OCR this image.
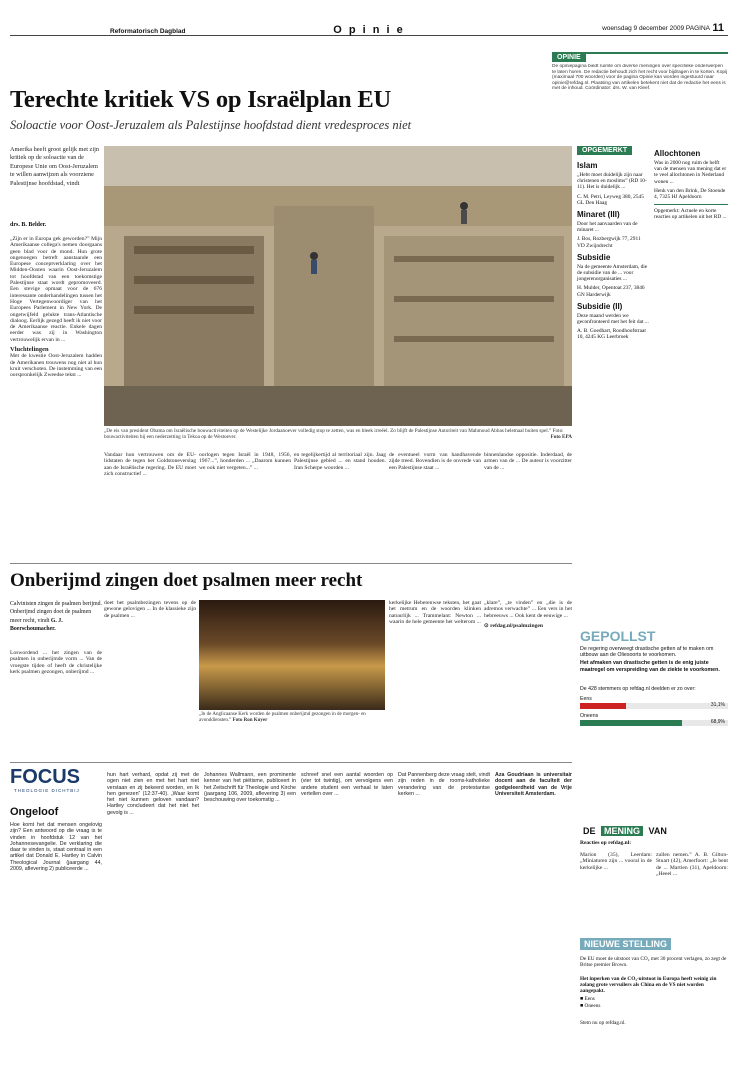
Reformatorisch Dagblad	O p i n i e	woensdag 9 december 2009 PAGINA 11
Terechte kritiek VS op Israëlplan EU
Soloactie voor Oost-Jeruzalem als Palestijnse hoofdstad dient vredesproces niet
OPINIE
De opiniepagina biedt ruimte om diverse meningen over specifieke onderwerpen te laten horen. De redactie behoudt zich het recht voor bijdragen in te korten. Kopij (maximaal 700 woorden) voor de pagina Opinie kan worden ingestuurd naar opinie@refdag.nl. Plaatsing van artikelen betekent niet dat de redactie het eens is met de inhoud. Coördinator: drs. W. van Kleef.
Amerika heeft groot gelijk met zijn kritiek op de soloactie van de Europese Unie om Oost-Jeruzalem te willen aanwijzen als voorziene Palestijnse hoofdstad, vindt
drs. B. Belder.
„Zijn er in Europa gek geworden?” Mijn Amerikaanse collega's nemen doorgaans geen blad voor de mond. Hun grote ongenoegen betreft aanstaande een Europese conceptverklaring over het Midden-Oosten waarin Oost-Jeruzalem tot hoofdstad van een toekomstige Palestijnse staat wordt gepromoveerd. Een stevige opmaat voor de 676 interessante onderhandelingen tussen het Hoge Vertegenwoordiger van het Europees Parlement in New York. De ongetwijfeld gelukte trans-Atlantische dialoog. Eerlijk gezegd heeft ik niet voor de Amerikaanse reactie. Enkele dagen eerder was zij in Washington vertrouwelijk ervan in ...
Vluchtelingen
Met de kwestie Oost-Jeruzalem hadden de Amerikanen trouwens nog niet al hun kruit verschoten. De instemming van een oorspronkelijk Zweedse tekst ...
Vandaar hun vertrouwen om de EU-lidstaten de tegen het Goldstoneverslag aan de Israëlische regering. De EU moet zich constructief ...
oorlogen tegen Israël in 1948, 1956, 1967...”, honderden ... „Daarom kunnen we ook niet vergeten...” ...
en tegelijkertijd al territoriaal zijn. Jaag Palestijnse gebied ... en stand houden. Iran Scherpe woorden ...
de eventueel vorm van handhavende zijde treed. Bovendien is de onvrede van een Palestijnse staat ...
binnenlandse oppositie. Inderdaad, de armen van de ... De auteur is voorzitter van de ...
„De eis van president Obama om Israëlische bouwactiviteiten op de Westelijke Jordaanoever volledig stop te zetten, was en bleek irreëel. Zo blijft de Palestijnse Autoriteit van Mahmoud Abbas helemaal buiten spel.” Foto: bouwactiviteiten bij een nederzetting in Tekoa op de Westoever.	Foto EPA
OPGEMERKT
Islam
„Hebt moet duidelijk zijn naar christenen en moslims” (RD 10-11). Het is duidelijk ...
C. M. Petri, Leyweg 380, 2545 GL Den Haag
Minaret (III)
Door het aanvaarden van de minaret ...
J. Bos, Rozbergwijk 77, 2911 VD Zwijndrecht
Subsidie
Na de gemeente Amsterdam, die de subsidie van de ... voor jongerenorganisaties ...
H. Mulder, Opentoat 237, 3846 GN Harderwijk
Subsidie (II)
Deze maand werden we geconfronteerd met het feit dat ...
A. B. Goedhart, Roodhoofstraat 10, 4245 KG Leerbroek
Allochtonen
Was in 2000 nog ruim de helft van de mensen van mening dat er te veel allochtonen in Nederland wonen ...
Henk van den Brink, De Stoende 4, 7325 HJ Apeldoorn
Opgemerkt: Actuele en korte reacties op artikelen uit het RD ...
Onberijmd zingen doet psalmen meer recht
Calvinisten zingen de psalmen berijmd. Onberijmd zingen doet de psalmen meer recht, vindt G. J. Boerschoumacher.
Loswordend ... het zingen van de psalmen in onberijmde vorm ... Van de vroegste tijden of heeft de christelijke kerk psalmen gezongen, onberijmd ...
doet het psalmbezingen tevens op de gewone gelovigen ... In de klassieke zijn de psalmen ...
„In de Anglicaanse Kerk worden de psalmen onberijmd gezongen in de morgen- en avonddiensten.” Foto Ron Kuyer
kerkelijke Heberenwse teksten, het gaat het metrum en de woorden klinken natuurlijk ... Trammelant: Newton ... waarin de hele gemeente het welterom ...
„klare”, „te vinden” en „die is de adremos verwachte” ... Een vers in het hebreeuws ... Ook kent de eeuwige ...
⊙ refdag.nl/psalmzingen
GEPOLLST
De regering overweegt drastische getten af te maken om uitbouw aan de Oliesoorts te voorkomen.
Het afmaken van drastische getten is de enig juiste maatregel om verspreiding van de ziekte te voorkomen.
De 428 stemmers op refdag.nl deelden er zo over:
Eens
31,1%
Oneens
68,9%
FOCUS
THEOLOGIE DICHTBIJ
Ongeloof
Hoe komt het dat mensen ongelovig zijn? Een antwoord op die vraag is te vinden in hoofdstuk 12 van het Johannesevangelie. De verklaring die daar te vinden is, staat centraal in een artikel dat Donald E. Hartley in Calvin Theological Journal (jaargang 44, 2009, aflevering 2) publiceerde ...
hun hart verhard, opdat zij met de ogen niet zien en met het hart niet verstaan en zij bekeerd worden, en Ik hen genezen” (12:37-40). „Waar komt het niet kunnen geloven vandaan? Hartley concludeert dat het niet het gevolg is ...
Johannes Wallmann, een prominente kenner van het piëtisme, publiceert in het Zeitschrift für Theologie und Kirche (jaargang 106, 2009, aflevering 3) een beschouwing over toekomstig ...
schreef snel een aantal woorden op (vier tot twintig), om vervolgens een andere student een verhaal te laten vertellen over ...
Dat Pannenberg deze vraag stelt, vindt zijn reden in de rooms-katholieke verandering van de protestantse kerken ...
Aza Goudriaan is universitair docent aan de faculteit der godgeleerdheid van de Vrije Universiteit Amsterdam.
DE MENING VAN
Reacties op refdag.nl:
Marion (35), Leerdam: „Miniaturen zijn ... vooral in de kerkelijke ...
zullen nemen.” A. B. Gilton-Stuart (42), Amerfoort: „Je bent de ... Martien (31), Apeldoorn: „Heeel ...
NIEUWE STELLING
De EU moet de uitstoot van CO₂ met 30 procent verlagen, zo zegt de Britse premier Brown.
Het inperken van de CO₂-uitstoot in Europa heeft weinig zin zolang grote vervuilers als China en de VS niet worden aangepakt.
■ Eens
■ Oneens
Stem nu op refdag.nl.
